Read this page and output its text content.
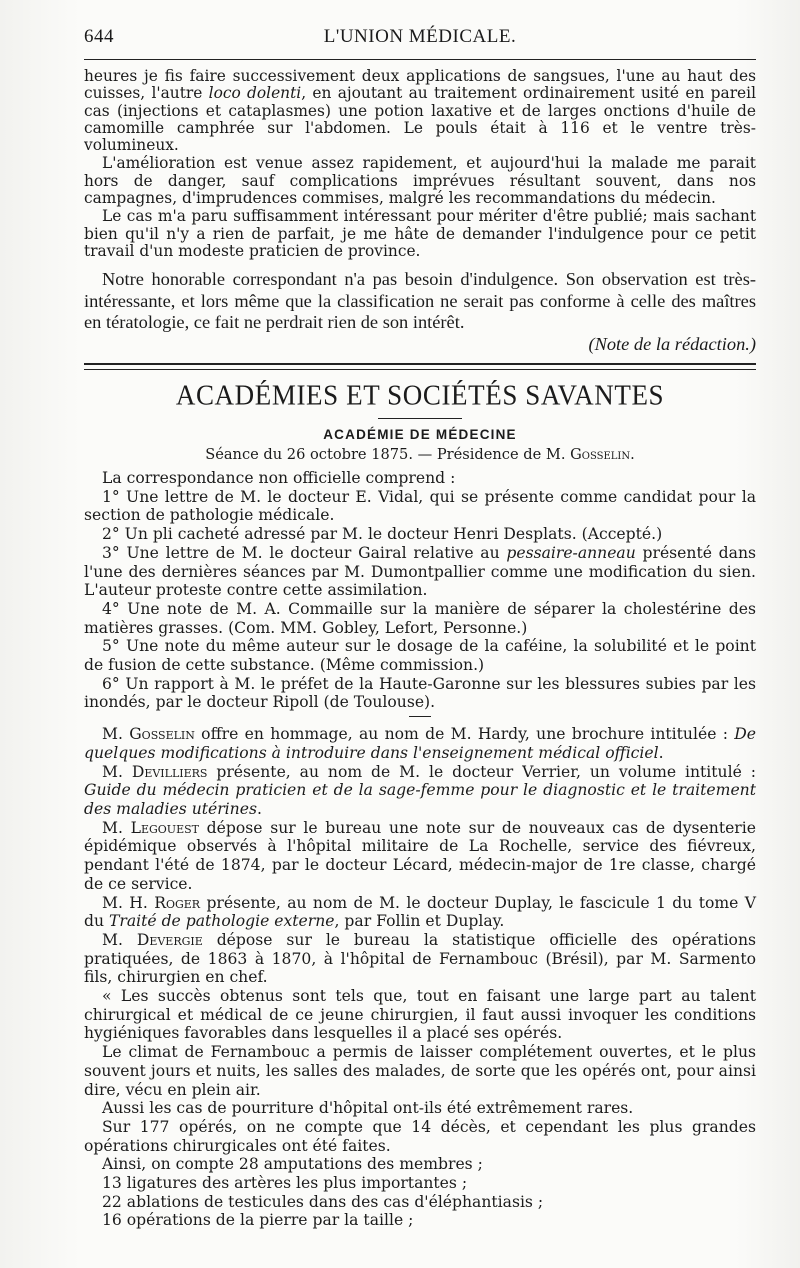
644	L'UNION MÉDICALE.

heures je fis faire successivement deux applications de sangsues, l'une au haut des cuisses, l'autre loco dolenti, en ajoutant au traitement ordinairement usité en pareil cas (injections et cataplasmes) une potion laxative et de larges onctions d'huile de camomille camphrée sur l'abdomen. Le pouls était à 116 et le ventre très-volumineux.

L'amélioration est venue assez rapidement, et aujourd'hui la malade me parait hors de danger, sauf complications imprévues résultant souvent, dans nos campagnes, d'imprudences commises, malgré les recommandations du médecin.

Le cas m'a paru suffisamment intéressant pour mériter d'être publié; mais sachant bien qu'il n'y a rien de parfait, je me hâte de demander l'indulgence pour ce petit travail d'un modeste praticien de province.

Notre honorable correspondant n'a pas besoin d'indulgence. Son observation est très-intéressante, et lors même que la classification ne serait pas conforme à celle des maîtres en tératologie, ce fait ne perdrait rien de son intérêt.

(Note de la rédaction.)

ACADÉMIES ET SOCIÉTÉS SAVANTES
ACADÉMIE DE MÉDECINE
Séance du 26 octobre 1875. — Présidence de M. Gosselin.

La correspondance non officielle comprend :

1° Une lettre de M. le docteur E. Vidal, qui se présente comme candidat pour la section de pathologie médicale.

2° Un pli cacheté adressé par M. le docteur Henri Desplats. (Accepté.)

3° Une lettre de M. le docteur Gairal relative au pessaire-anneau présenté dans l'une des dernières séances par M. Dumontpallier comme une modification du sien. L'auteur proteste contre cette assimilation.

4° Une note de M. A. Commaille sur la manière de séparer la cholestérine des matières grasses. (Com. MM. Gobley, Lefort, Personne.)

5° Une note du même auteur sur le dosage de la caféine, la solubilité et le point de fusion de cette substance. (Même commission.)

6° Un rapport à M. le préfet de la Haute-Garonne sur les blessures subies par les inondés, par le docteur Ripoll (de Toulouse).

M. Gosselin offre en hommage, au nom de M. Hardy, une brochure intitulée : De quelques modifications à introduire dans l'enseignement médical officiel.

M. Devilliers présente, au nom de M. le docteur Verrier, un volume intitulé : Guide du médecin praticien et de la sage-femme pour le diagnostic et le traitement des maladies utérines.

M. Legouest dépose sur le bureau une note sur de nouveaux cas de dysenterie épidémique observés à l'hôpital militaire de La Rochelle, service des fiévreux, pendant l'été de 1874, par le docteur Lécard, médecin-major de 1re classe, chargé de ce service.

M. H. Roger présente, au nom de M. le docteur Duplay, le fascicule 1 du tome V du Traité de pathologie externe, par Follin et Duplay.

M. Devergie dépose sur le bureau la statistique officielle des opérations pratiquées, de 1863 à 1870, à l'hôpital de Fernambouc (Brésil), par M. Sarmento fils, chirurgien en chef.

« Les succès obtenus sont tels que, tout en faisant une large part au talent chirurgical et médical de ce jeune chirurgien, il faut aussi invoquer les conditions hygiéniques favorables dans lesquelles il a placé ses opérés.

Le climat de Fernambouc a permis de laisser complétement ouvertes, et le plus souvent jours et nuits, les salles des malades, de sorte que les opérés ont, pour ainsi dire, vécu en plein air.

Aussi les cas de pourriture d'hôpital ont-ils été extrêmement rares.

Sur 177 opérés, on ne compte que 14 décès, et cependant les plus grandes opérations chirurgicales ont été faites.

Ainsi, on compte 28 amputations des membres ;

13 ligatures des artères les plus importantes ;

22 ablations de testicules dans des cas d'éléphantiasis ;

16 opérations de la pierre par la taille ;
